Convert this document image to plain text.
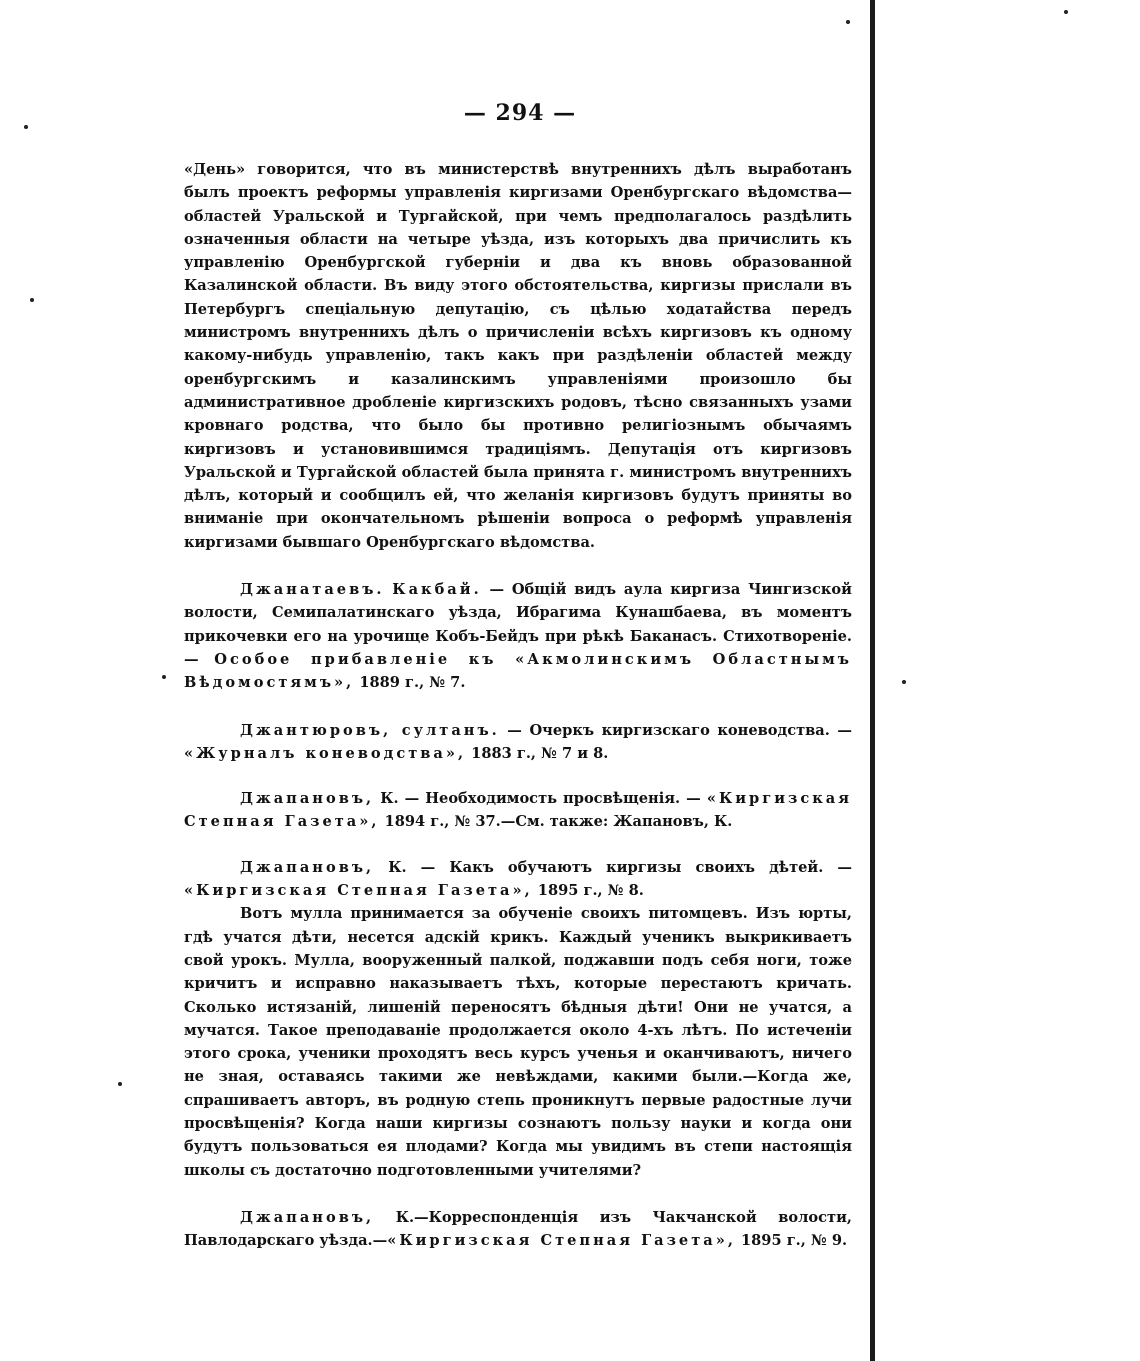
— 294 —

«День» говорится, что въ министерствѣ внутреннихъ дѣлъ выработанъ былъ проектъ реформы управленія киргизами Оренбургскаго вѣдомства—областей Уральской и Тургайской, при чемъ предполагалось раздѣлить означенныя области на четыре уѣзда, изъ которыхъ два причислить къ управленію Оренбургской губерніи и два къ вновь образованной Казалинской области. Въ виду этого обстоятельства, киргизы прислали въ Петербургъ спеціальную депутацію, съ цѣлью ходатайства передъ министромъ внутреннихъ дѣлъ о причисленіи всѣхъ киргизовъ къ одному какому-нибудь управленію, такъ какъ при раздѣленіи областей между оренбургскимъ и казалинскимъ управленіями произошло бы административное дробленіе киргизскихъ родовъ, тѣсно связанныхъ узами кровнаго родства, что было бы противно религіознымъ обычаямъ киргизовъ и установившимся традиціямъ. Депутація отъ киргизовъ Уральской и Тургайской областей была принята г. министромъ внутреннихъ дѣлъ, который и сообщилъ ей, что желанія киргизовъ будутъ приняты во вниманіе при окончательномъ рѣшеніи вопроса о реформѣ управленія киргизами бывшаго Оренбургскаго вѣдомства.

Джанатаевъ. Какбай. — Общій видъ аула киргиза Чингизской волости, Семипалатинскаго уѣзда, Ибрагима Кунашбаева, въ моментъ прикочевки его на урочище Кобъ-Бейдъ при рѣкѣ Баканасъ. Стихотвореніе.— Особое прибавленіе къ «Акмолинскимъ Областнымъ Вѣдомостямъ», 1889 г., № 7.

Джантюровъ, султанъ. — Очеркъ киргизскаго коневодства. — «Журналъ коневодства», 1883 г., № 7 и 8.

Джапановъ, К. — Необходимость просвѣщенія. — «Киргизская Степная Газета», 1894 г., № 37.—См. также: Жапановъ, К.

Джапановъ, К. — Какъ обучаютъ киргизы своихъ дѣтей. — «Киргизская Степная Газета», 1895 г., № 8.

Вотъ мулла принимается за обученіе своихъ питомцевъ. Изъ юрты, гдѣ учатся дѣти, несется адскій крикъ. Каждый ученикъ выкрикиваетъ свой урокъ. Мулла, вооруженный палкой, поджавши подъ себя ноги, тоже кричитъ и исправно наказываетъ тѣхъ, которые перестаютъ кричать. Сколько истязаній, лишеній переносятъ бѣдныя дѣти! Они не учатся, а мучатся. Такое преподаваніе продолжается около 4-хъ лѣтъ. По истеченіи этого срока, ученики проходятъ весь курсъ ученья и оканчиваютъ, ничего не зная, оставаясь такими же невѣждами, какими были.—Когда же, спрашиваетъ авторъ, въ родную степь проникнутъ первые радостные лучи просвѣщенія? Когда наши киргизы сознаютъ пользу науки и когда они будутъ пользоваться ея плодами? Когда мы увидимъ въ степи настоящія школы съ достаточно подготовленными учителями?

Джапановъ, К.—Корреспонденція изъ Чакчанской волости, Павлодарскаго уѣзда.—«Киргизская Степная Газета», 1895 г., № 9.
